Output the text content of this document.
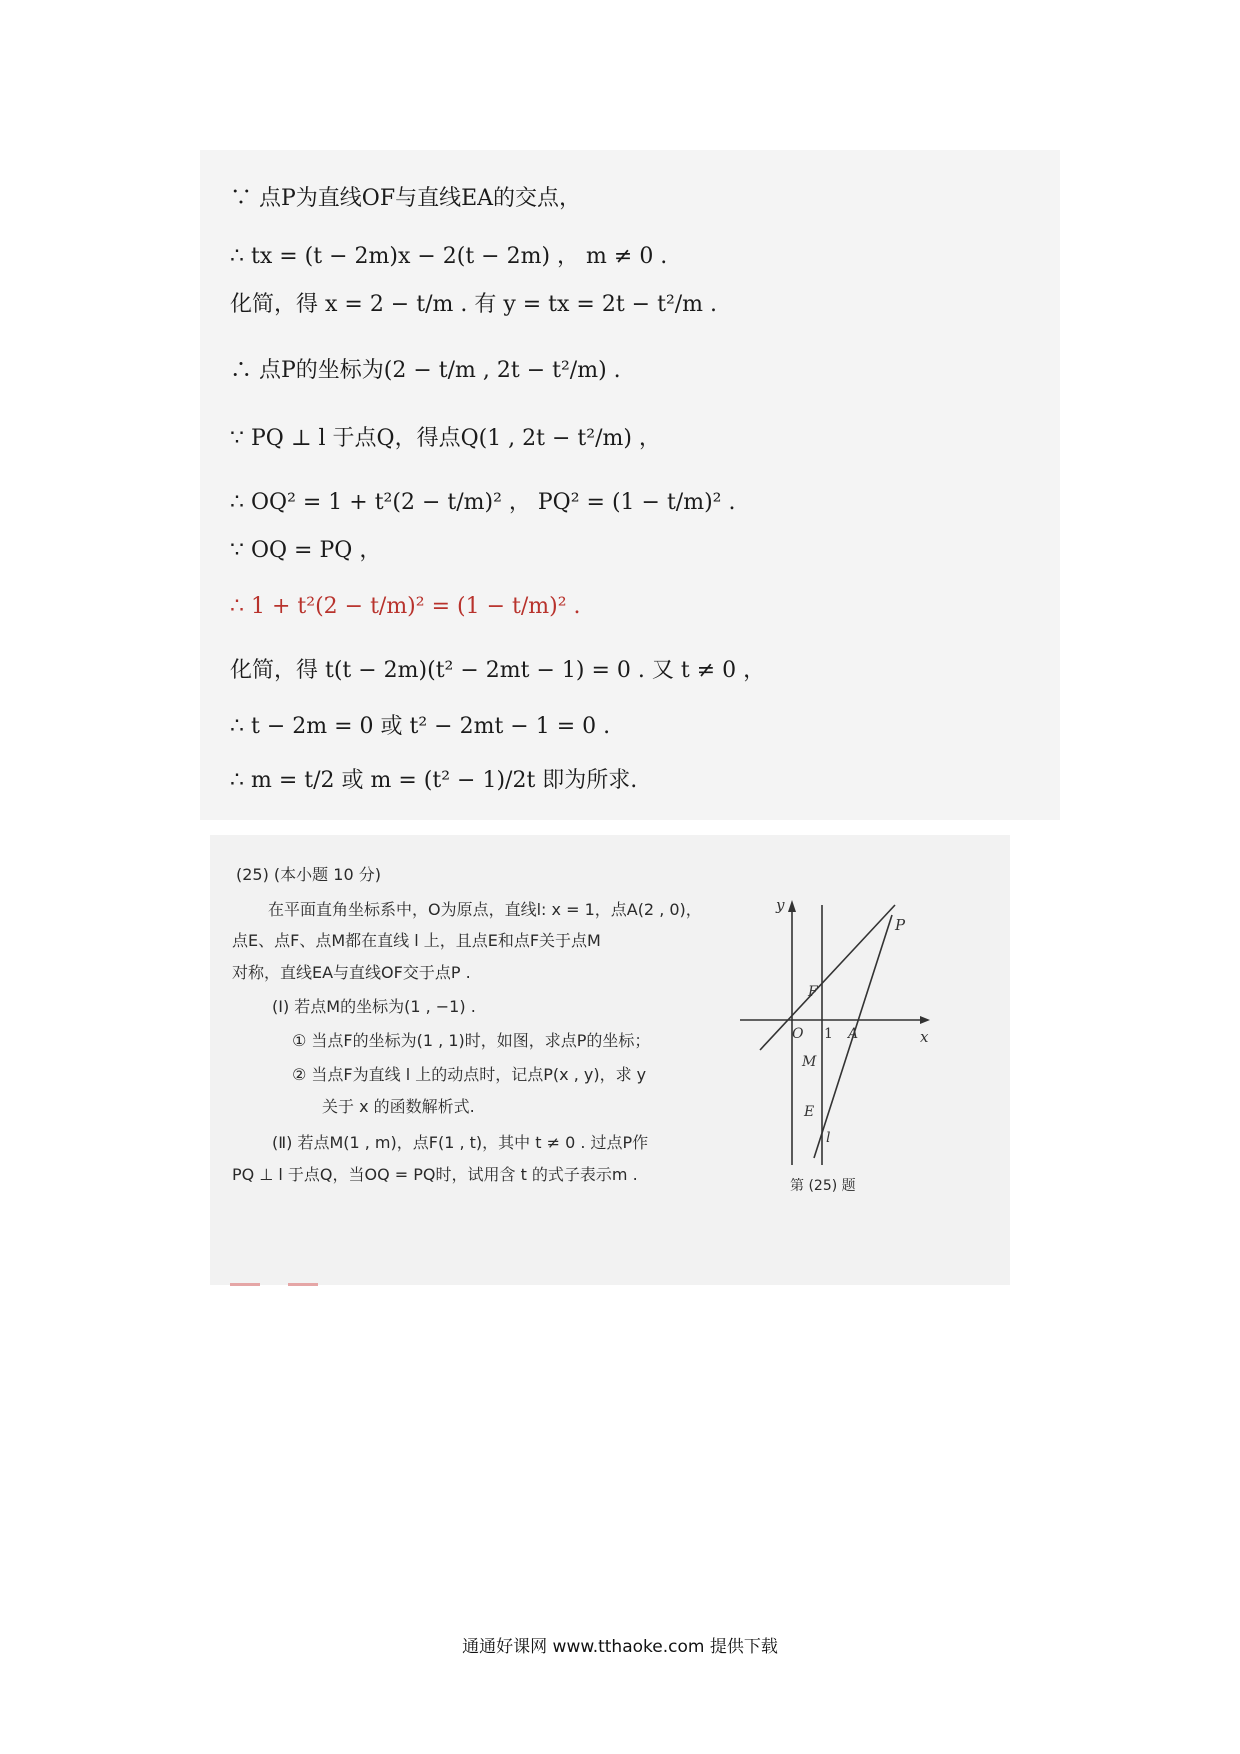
∵ 点P为直线OF与直线EA的交点，
∴ tx = (t − 2m)x − 2(t − 2m) ， m ≠ 0 .
化简，得 x = 2 − t/m . 有 y = tx = 2t − t²/m .
∴ 点P的坐标为(2 − t/m , 2t − t²/m) .
∵ PQ ⊥ l 于点Q，得点Q(1 , 2t − t²/m) ，
∴ OQ² = 1 + t²(2 − t/m)² ， PQ² = (1 − t/m)² .
∵ OQ = PQ ，
∴ 1 + t²(2 − t/m)² = (1 − t/m)² .
化简，得 t(t − 2m)(t² − 2mt − 1) = 0 . 又 t ≠ 0 ，
∴ t − 2m = 0 或 t² − 2mt − 1 = 0 .
∴ m = t/2 或 m = (t² − 1)/2t 即为所求.
(25) (本小题 10 分)
在平面直角坐标系中，O为原点，直线l: x = 1，点A(2 , 0)，
点E、点F、点M都在直线 l 上，且点E和点F关于点M
对称，直线EA与直线OF交于点P .
(Ⅰ) 若点M的坐标为(1 , −1) .
① 当点F的坐标为(1 , 1)时，如图，求点P的坐标；
② 当点F为直线 l 上的动点时，记点P(x , y)，求 y
关于 x 的函数解析式.
(Ⅱ) 若点M(1 , m)，点F(1 , t)，其中 t ≠ 0 . 过点P作
PQ ⊥ l 于点Q，当OQ = PQ时，试用含 t 的式子表示m .
x
y
O 1 A
F
M
E
P
l
第 (25) 题
通通好课网 www.tthaoke.com 提供下载
